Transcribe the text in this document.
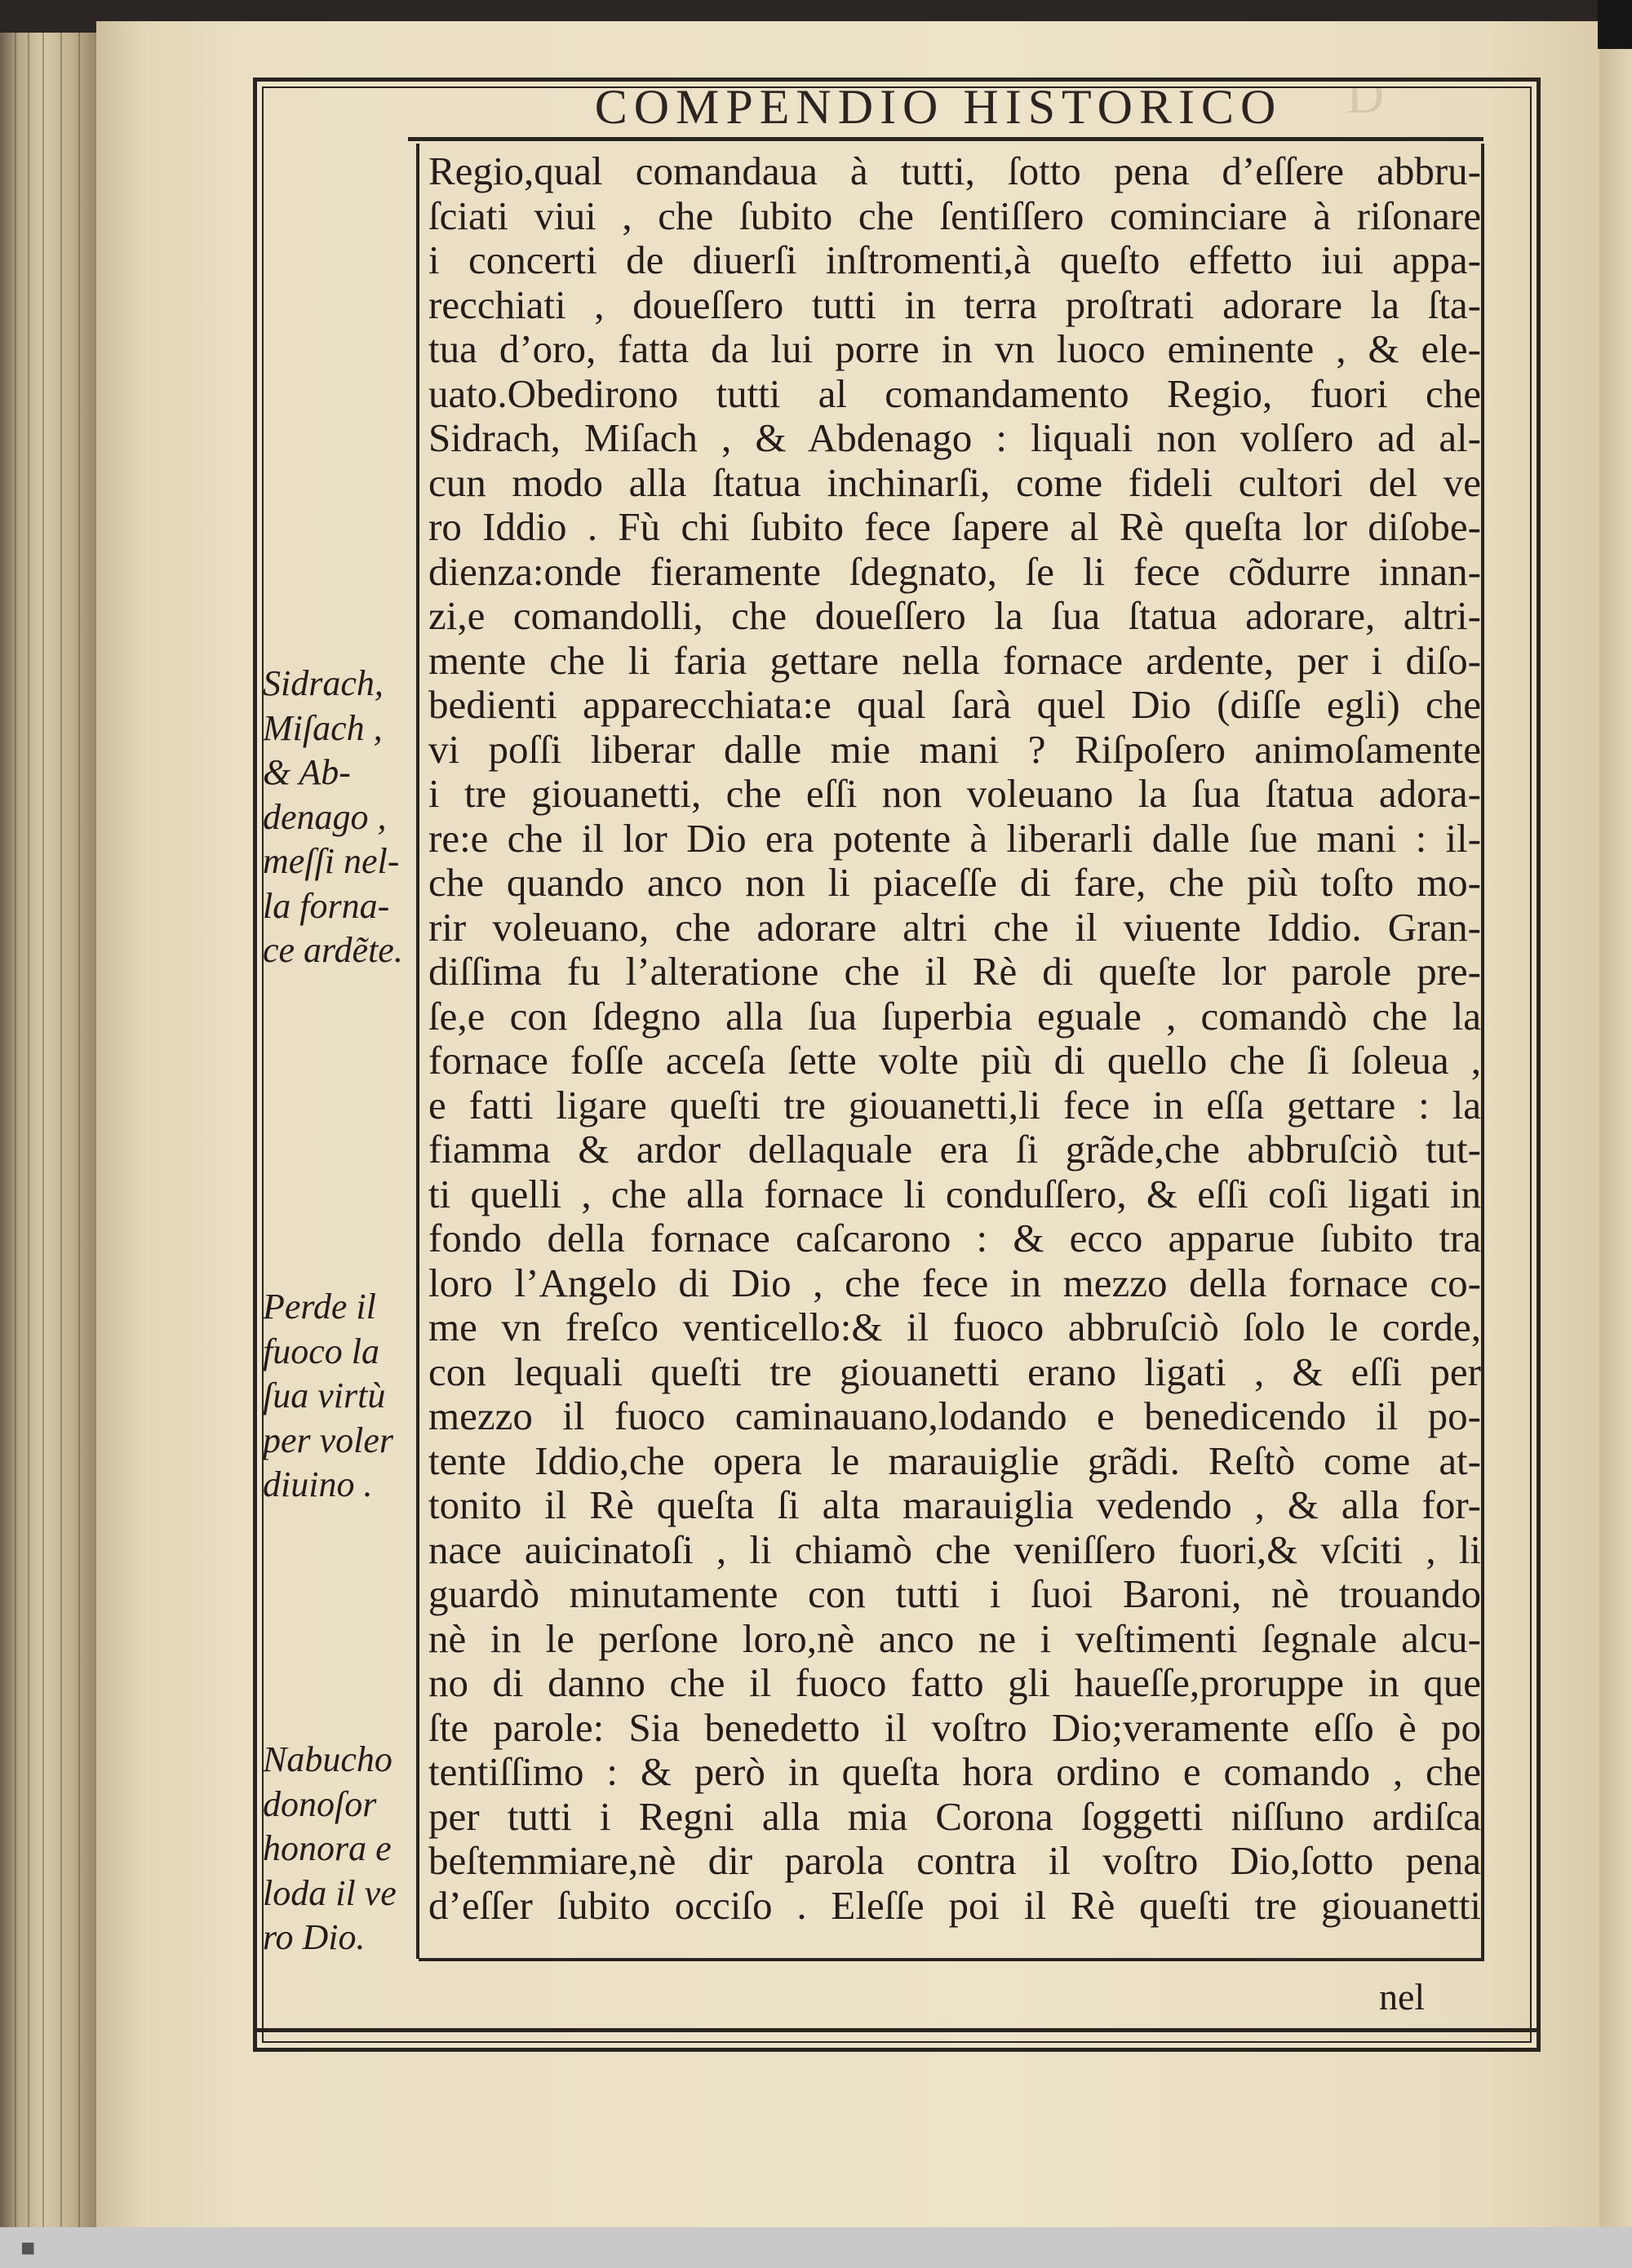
■
D
COMPENDIO HISTORICO
Regio,qual comandaua à tutti, ſotto pena d’eſſere abbru-
ſciati viui , che ſubito che ſentiſſero cominciare à riſonare
i concerti de diuerſi inſtromenti,à queſto effetto iui appa-
recchiati , doueſſero tutti in terra proſtrati adorare la ſta-
tua d’oro, fatta da lui porre in vn luoco eminente , & ele-
uato.Obedirono tutti al comandamento Regio, fuori che
Sidrach, Miſach , & Abdenago : liquali non volſero ad al-
cun modo alla ſtatua inchinarſi, come fideli cultori del ve
ro Iddio . Fù chi ſubito fece ſapere al Rè queſta lor diſobe-
dienza:onde fieramente ſdegnato, ſe li fece cõdurre innan-
zi,e comandolli, che doueſſero la ſua ſtatua adorare, altri-
mente che li faria gettare nella fornace ardente, per i diſo-
bedienti apparecchiata:e qual ſarà quel Dio (diſſe egli) che
vi poſſi liberar dalle mie mani ? Riſpoſero animoſamente
i tre giouanetti, che eſſi non voleuano la ſua ſtatua adora-
re:e che il lor Dio era potente à liberarli dalle ſue mani : il-
che quando anco non li piaceſſe di fare, che più toſto mo-
rir voleuano, che adorare altri che il viuente Iddio. Gran-
diſſima fu l’alteratione che il Rè di queſte lor parole pre-
ſe,e con ſdegno alla ſua ſuperbia eguale , comandò che la
fornace foſſe acceſa ſette volte più di quello che ſi ſoleua ,
e fatti ligare queſti tre giouanetti,li fece in eſſa gettare : la
fiamma & ardor dellaquale era ſi grãde,che abbruſciò tut-
ti quelli , che alla fornace li conduſſero, & eſſi coſi ligati in
fondo della fornace caſcarono : & ecco apparue ſubito tra
loro l’Angelo di Dio , che fece in mezzo della fornace co-
me vn freſco venticello:& il fuoco abbruſciò ſolo le corde,
con lequali queſti tre giouanetti erano ligati , & eſſi per
mezzo il fuoco caminauano,lodando e benedicendo il po-
tente Iddio,che opera le marauiglie grãdi. Reſtò come at-
tonito il Rè queſta ſi alta marauiglia vedendo , & alla for-
nace auicinatoſi , li chiamò che veniſſero fuori,& vſciti , li
guardò minutamente con tutti i ſuoi Baroni, nè trouando
nè in le perſone loro,nè anco ne i veſtimenti ſegnale alcu-
no di danno che il fuoco fatto gli haueſſe,proruppe in que
ſte parole: Sia benedetto il voſtro Dio;veramente eſſo è po
tentiſſimo : & però in queſta hora ordino e comando , che
per tutti i Regni alla mia Corona ſoggetti niſſuno ardiſca
beſtemmiare,nè dir parola contra il voſtro Dio,ſotto pena
d’eſſer ſubito occiſo . Eleſſe poi il Rè queſti tre giouanetti
Sidrach,
Miſach ,
& Ab-
denago ,
meſſi nel-
la forna-
ce ardẽte.
Perde il
fuoco la
ſua virtù
per voler
diuino .
Nabucho
donoſor
honora e
loda il ve
ro Dio.
nel
